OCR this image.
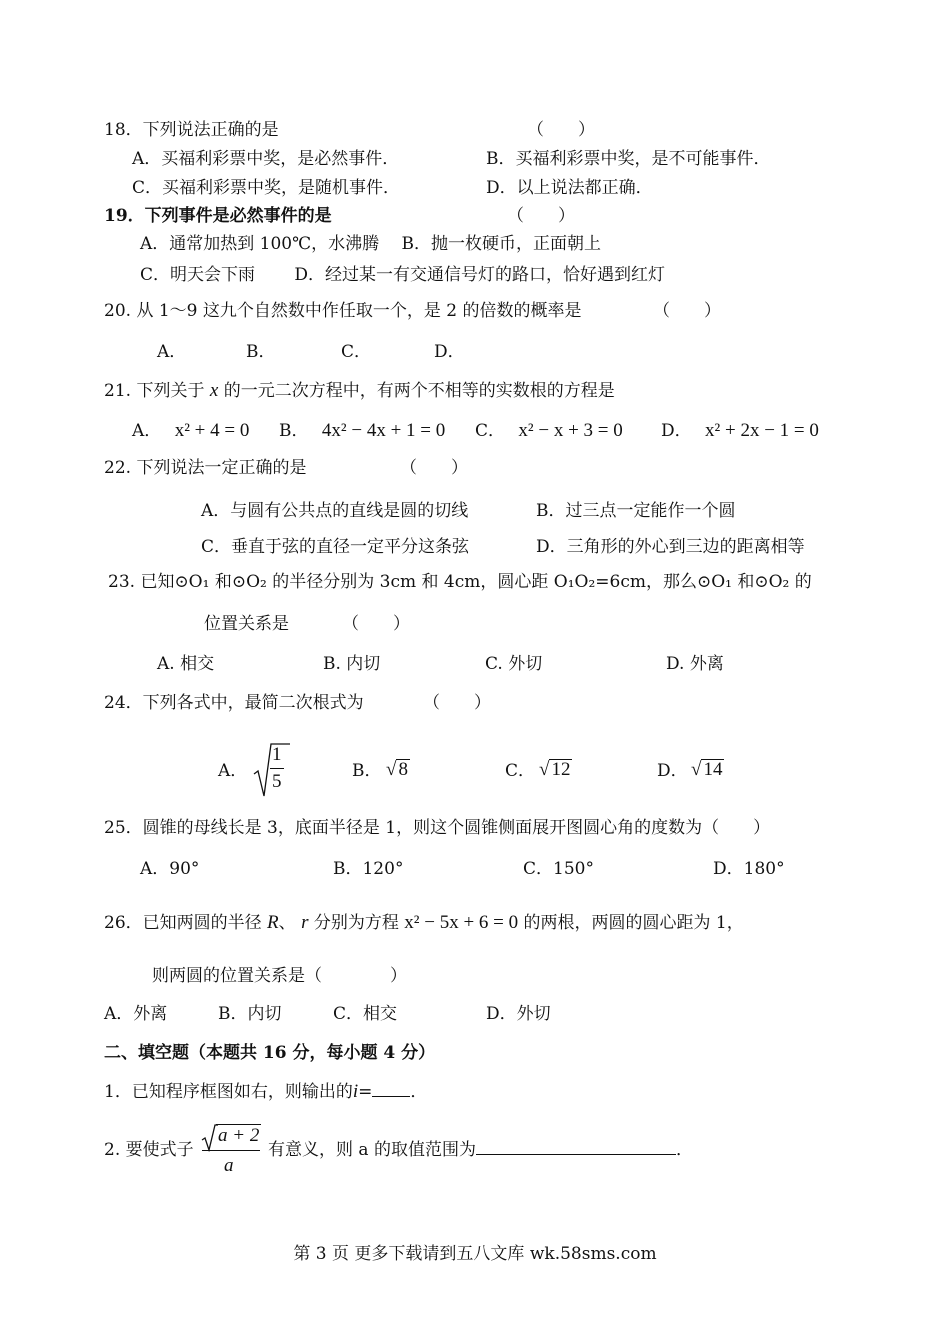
18．下列说法正确的是	（　　）
A．买福利彩票中奖，是必然事件．	B．买福利彩票中奖，是不可能事件．
C．买福利彩票中奖，是随机事件．	D．以上说法都正确．
19．下列事件是必然事件的是	（　　）
A．通常加热到 100℃，水沸腾　 B．抛一枚硬币，正面朝上
C．明天会下雨　　 D．经过某一有交通信号灯的路口，恰好遇到红灯
20. 从 1～9 这九个自然数中作任取一个，是 2 的倍数的概率是	（　　）
A．	B．	C．	D．
21. 下列关于 x 的一元二次方程中，有两个不相等的实数根的方程是
A． x² + 4 = 0 B． 4x² − 4x + 1 = 0 C． x² − x + 3 = 0 D． x² + 2x − 1 = 0
22. 下列说法一定正确的是	（　　）
A．与圆有公共点的直线是圆的切线	B．过三点一定能作一个圆
C．垂直于弦的直径一定平分这条弦	D．三角形的外心到三边的距离相等
23. 已知⊙O₁ 和⊙O₂ 的半径分别为 3cm 和 4cm，圆心距 O₁O₂=6cm，那么⊙O₁ 和⊙O₂ 的
位置关系是	（　　）
A. 相交	B. 内切	C. 外切	D. 外离
24．下列各式中，最简二次根式为	（　　）
A． $\frac{1}{5}$	B． √ 8	C． √ 12	D． √ 14
25．圆锥的母线长是 3，底面半径是 1，则这个圆锥侧面展开图圆心角的度数为（　　）
A．90°	B．120°	C．150°	D．180°
26．已知两圆的半径 R、 r 分别为方程 x² − 5x + 6 = 0 的两根，两圆的圆心距为 1，
则两圆的位置关系是（　　　　）
A．外离	B．内切	C．相交	D．外切
二、填空题（本题共 16 分，每小题 4 分）
1．已知程序框图如右，则输出的i= ．
2. 要使式子
a + 2
a
有意义，则 a 的取值范围为	．
第 3 页 更多下载请到五八文库 wk.58sms.com
